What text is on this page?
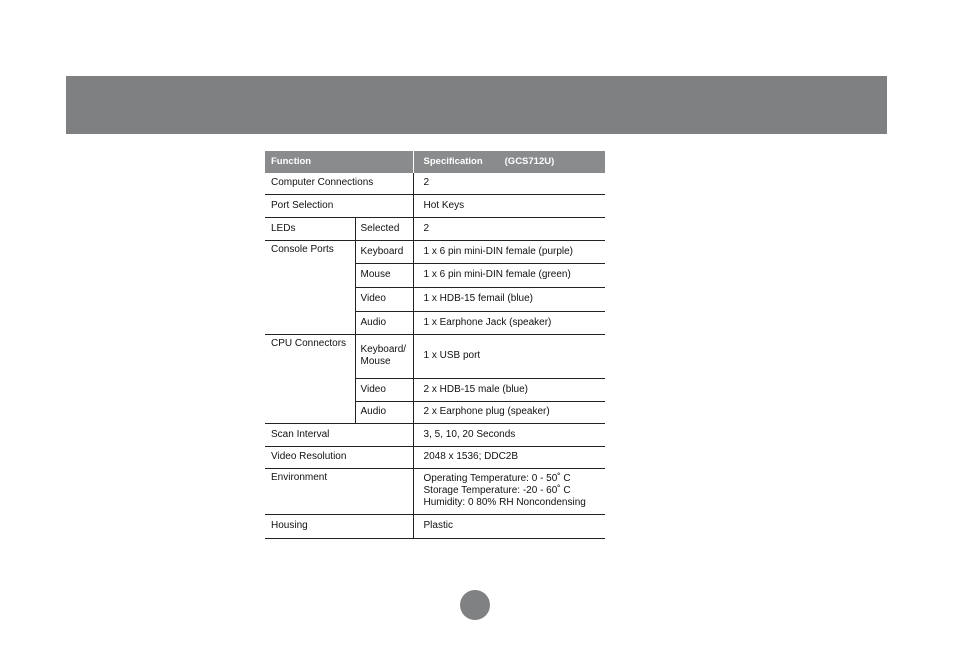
Function		Specification (GCS712U)
Computer Connections		2
Port Selection		Hot Keys
LEDs	Selected	2
Console Ports	Keyboard	1 x 6 pin mini-DIN female (purple)
	Mouse	1 x 6 pin mini-DIN female (green)
	Video	1 x HDB-15 femail (blue)
	Audio	1 x Earphone Jack (speaker)
CPU Connectors	Keyboard/ Mouse	1 x USB port
	Video	2 x HDB-15 male (blue)
	Audio	2 x Earphone plug (speaker)
Scan Interval		3, 5, 10, 20 Seconds
Video Resolution		2048 x 1536; DDC2B
Environment		Operating Temperature: 0 - 50˚ C
Storage Temperature: -20 - 60˚ C
Humidity: 0 80% RH Noncondensing

Housing		Plastic
